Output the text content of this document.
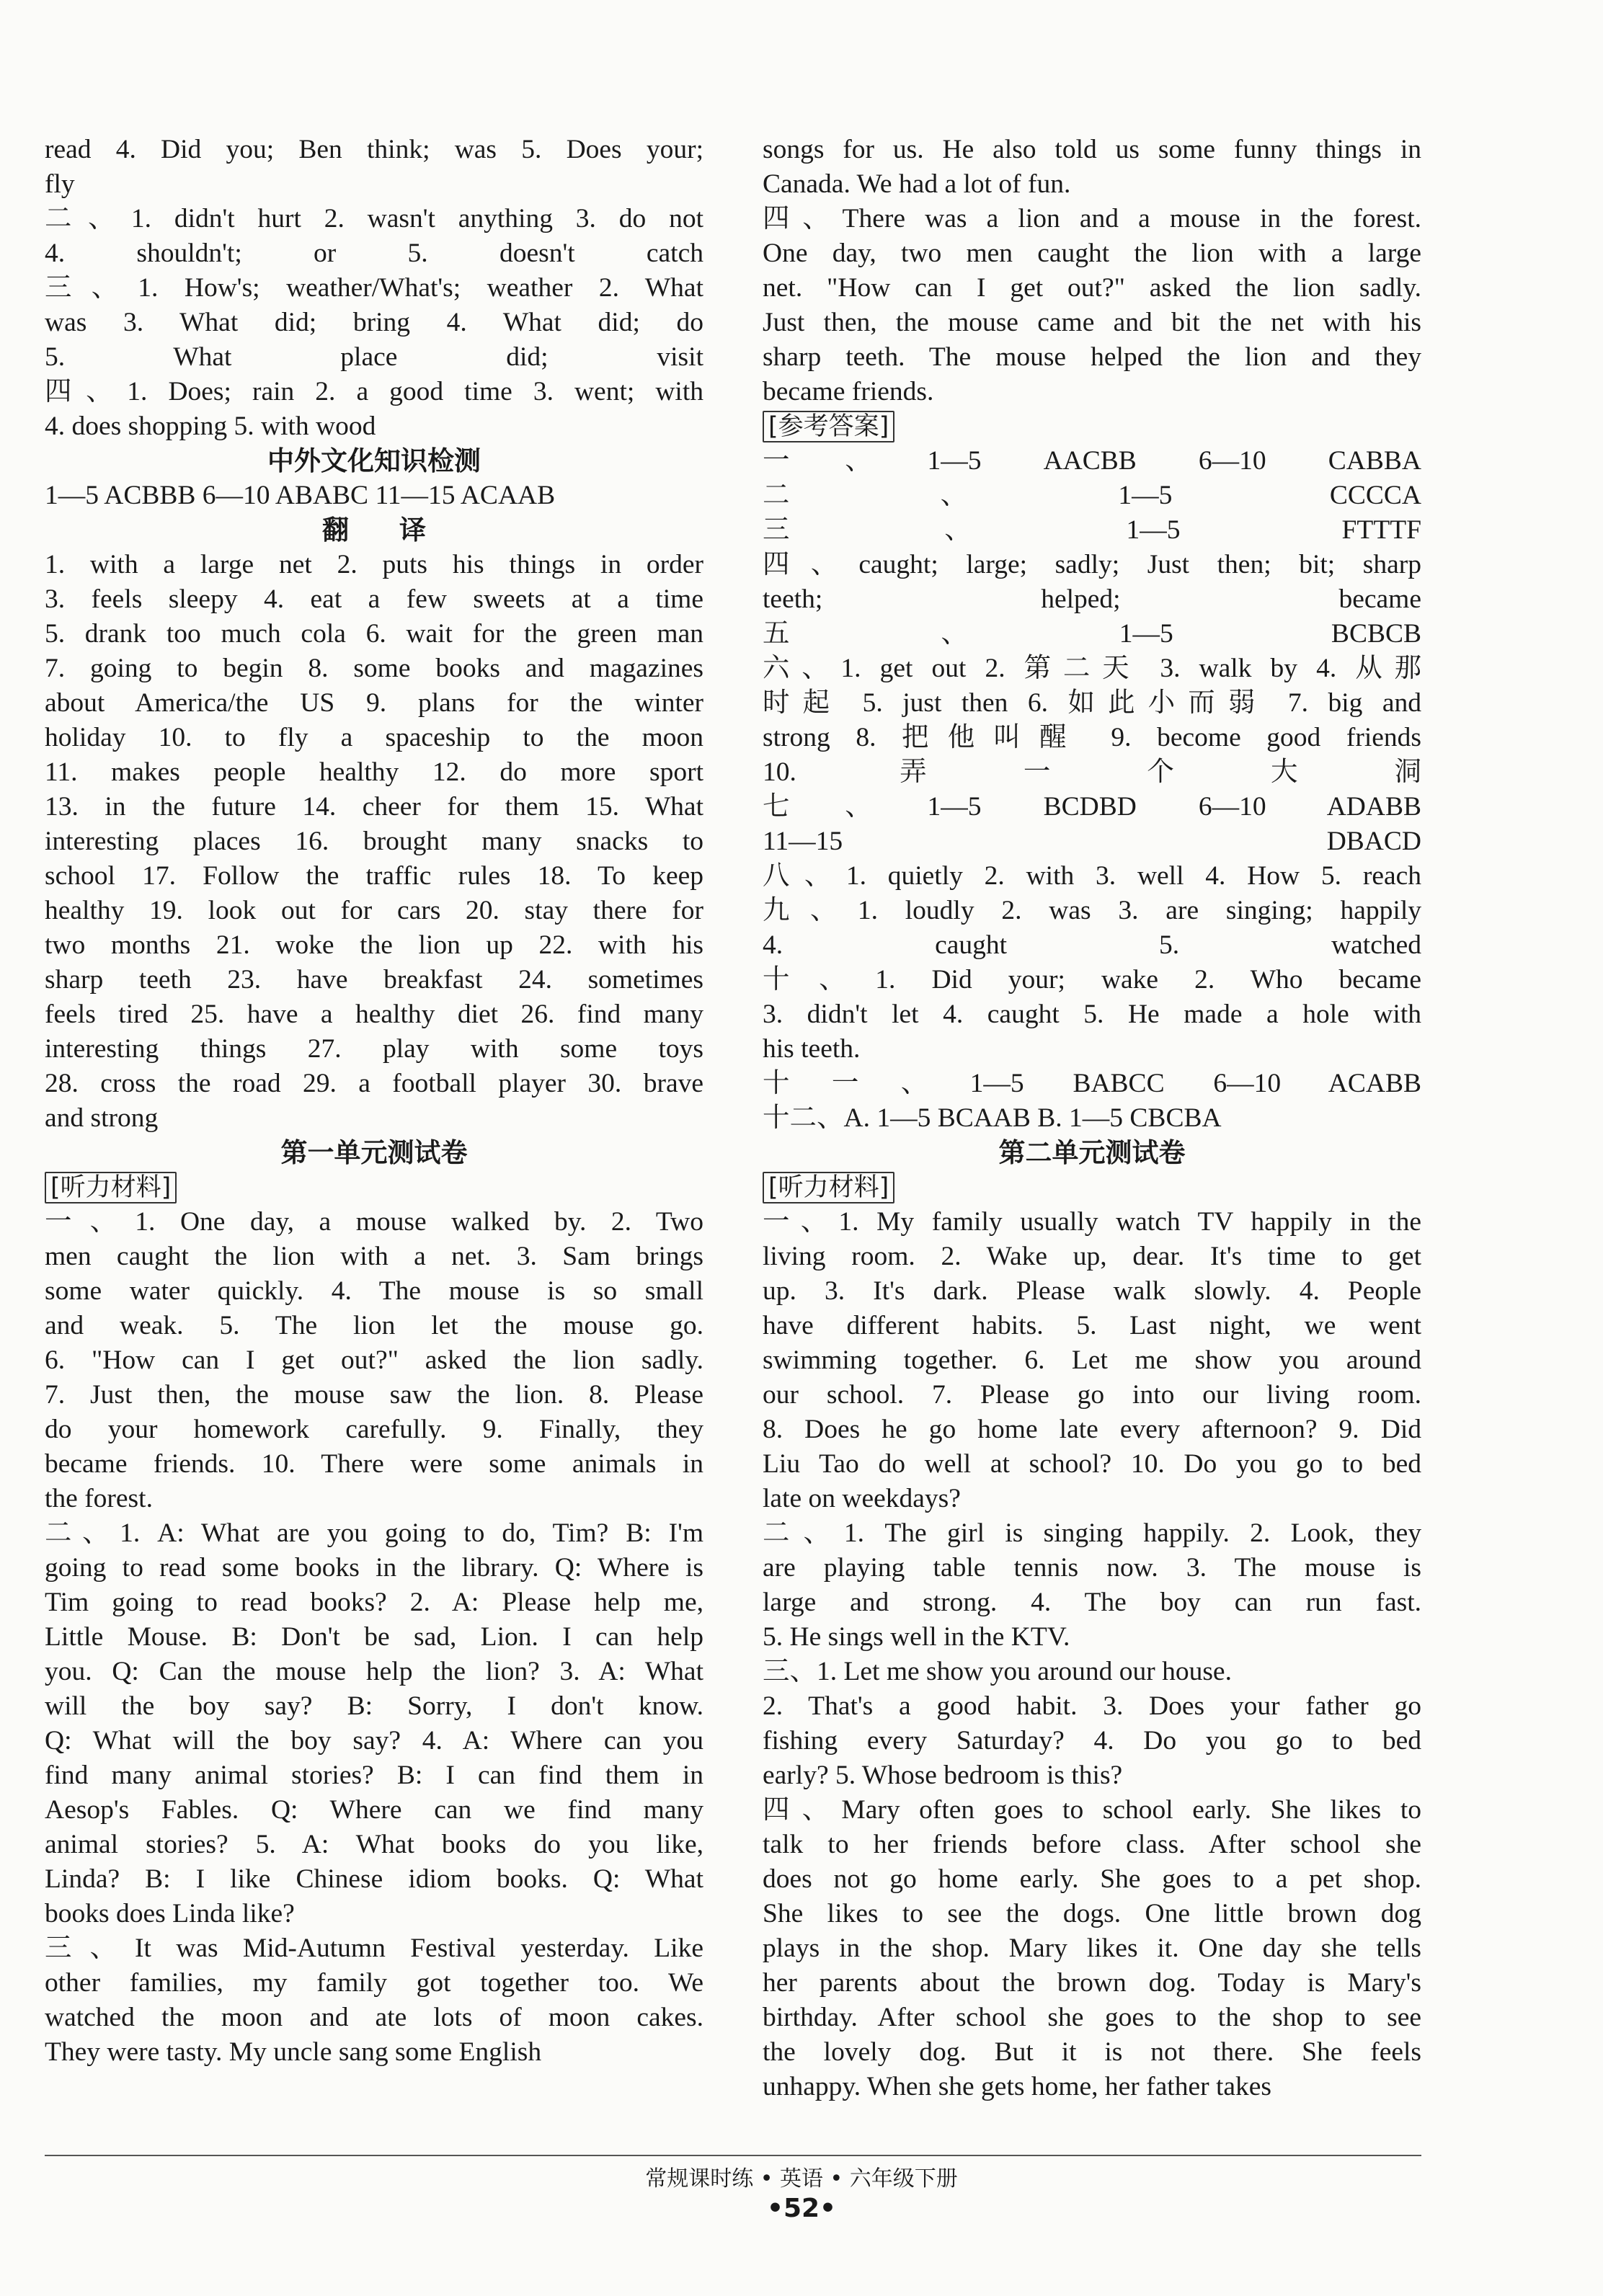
read 4. Did you; Ben think; was 5. Does your;
fly
二、1. didn't hurt 2. wasn't anything 3. do not
4. shouldn't; or 5. doesn't catch
三、1. How's; weather/What's; weather 2. What
was 3. What did; bring 4. What did; do
5. What place did; visit
四、1. Does; rain 2. a good time 3. went; with
4. does shopping 5. with wood
中外文化知识检测
1—5 ACBBB 6—10 ABABC 11—15 ACAAB
翻译
1. with a large net 2. puts his things in order
3. feels sleepy 4. eat a few sweets at a time
5. drank too much cola 6. wait for the green man
7. going to begin 8. some books and magazines
about America/the US 9. plans for the winter
holiday 10. to fly a spaceship to the moon
11. makes people healthy 12. do more sport
13. in the future 14. cheer for them 15. What
interesting places 16. brought many snacks to
school 17. Follow the traffic rules 18. To keep
healthy 19. look out for cars 20. stay there for
two months 21. woke the lion up 22. with his
sharp teeth 23. have breakfast 24. sometimes
feels tired 25. have a healthy diet 26. find many
interesting things 27. play with some toys
28. cross the road 29. a football player 30. brave
and strong
第一单元测试卷
[听力材料]
一、1. One day, a mouse walked by. 2. Two
men caught the lion with a net. 3. Sam brings
some water quickly. 4. The mouse is so small
and weak. 5. The lion let the mouse go.
6. "How can I get out?" asked the lion sadly.
7. Just then, the mouse saw the lion. 8. Please
do your homework carefully. 9. Finally, they
became friends. 10. There were some animals in
the forest.
二、1. A: What are you going to do, Tim? B: I'm
going to read some books in the library. Q: Where is
Tim going to read books? 2. A: Please help me,
Little Mouse. B: Don't be sad, Lion. I can help
you. Q: Can the mouse help the lion? 3. A: What
will the boy say? B: Sorry, I don't know.
Q: What will the boy say? 4. A: Where can you
find many animal stories? B: I can find them in
Aesop's Fables. Q: Where can we find many
animal stories? 5. A: What books do you like,
Linda? B: I like Chinese idiom books. Q: What
books does Linda like?
三、It was Mid-Autumn Festival yesterday. Like
other families, my family got together too. We
watched the moon and ate lots of moon cakes.
They were tasty. My uncle sang some English
songs for us. He also told us some funny things in
Canada. We had a lot of fun.
四、There was a lion and a mouse in the forest.
One day, two men caught the lion with a large
net. "How can I get out?" asked the lion sadly.
Just then, the mouse came and bit the net with his
sharp teeth. The mouse helped the lion and they
became friends.
[参考答案]
一、1—5 AACBB 6—10 CABBA
二、1—5 CCCCA
三、1—5 FTTTF
四、caught; large; sadly; Just then; bit; sharp
teeth; helped; became
五、1—5 BCBCB
六、1. get out 2. 第二天 3. walk by 4. 从那
时起 5. just then 6. 如此小而弱 7. big and
strong 8. 把他叫醒 9. become good friends
10. 弄一个大洞
七、1—5 BCDBD 6—10 ADABB
11—15 DBACD
八、1. quietly 2. with 3. well 4. How 5. reach
九、1. loudly 2. was 3. are singing; happily
4. caught 5. watched
十、1. Did your; wake 2. Who became
3. didn't let 4. caught 5. He made a hole with
his teeth.
十一、1—5 BABCC 6—10 ACABB
十二、A. 1—5 BCAAB B. 1—5 CBCBA
第二单元测试卷
[听力材料]
一、1. My family usually watch TV happily in the
living room. 2. Wake up, dear. It's time to get
up. 3. It's dark. Please walk slowly. 4. People
have different habits. 5. Last night, we went
swimming together. 6. Let me show you around
our school. 7. Please go into our living room.
8. Does he go home late every afternoon? 9. Did
Liu Tao do well at school? 10. Do you go to bed
late on weekdays?
二、1. The girl is singing happily. 2. Look, they
are playing table tennis now. 3. The mouse is
large and strong. 4. The boy can run fast.
5. He sings well in the KTV.
三、1. Let me show you around our house.
2. That's a good habit. 3. Does your father go
fishing every Saturday? 4. Do you go to bed
early? 5. Whose bedroom is this?
四、Mary often goes to school early. She likes to
talk to her friends before class. After school she
does not go home early. She goes to a pet shop.
She likes to see the dogs. One little brown dog
plays in the shop. Mary likes it. One day she tells
her parents about the brown dog. Today is Mary's
birthday. After school she goes to the shop to see
the lovely dog. But it is not there. She feels
unhappy. When she gets home, her father takes
常规课时练 • 英语 • 六年级下册
•52•
